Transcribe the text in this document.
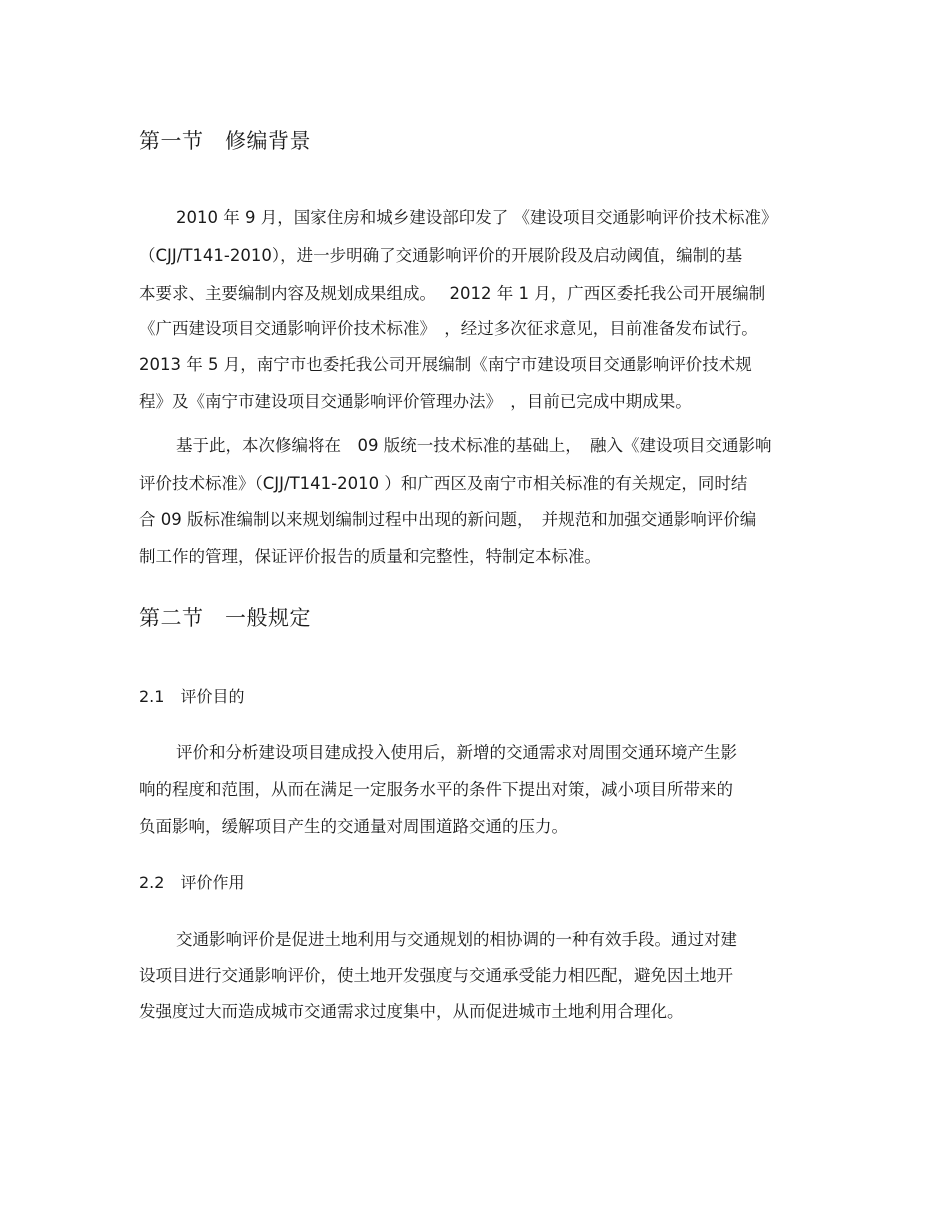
第一节　修编背景
2010 年 9 月，国家住房和城乡建设部印发了 《建设项目交通影响评价技术标准》
（CJJ/T141-2010），进一步明确了交通影响评价的开展阶段及启动阈值，编制的基
本要求、主要编制内容及规划成果组成。　 2012 年 1 月，广西区委托我公司开展编制
《广西建设项目交通影响评价技术标准》　，经过多次征求意见，目前准备发布试行。
2013 年 5 月，南宁市也委托我公司开展编制《南宁市建设项目交通影响评价技术规
程》及《南宁市建设项目交通影响评价管理办法》　，目前已完成中期成果。
基于此，本次修编将在　09 版统一技术标准的基础上，　融入《建设项目交通影响
评价技术标准》（CJJ/T141-2010 ）和广西区及南宁市相关标准的有关规定，同时结
合 09 版标准编制以来规划编制过程中出现的新问题，　并规范和加强交通影响评价编
制工作的管理，保证评价报告的质量和完整性，特制定本标准。
第二节　一般规定
2.1　评价目的
评价和分析建设项目建成投入使用后，新增的交通需求对周围交通环境产生影
响的程度和范围，从而在满足一定服务水平的条件下提出对策，减小项目所带来的
负面影响，缓解项目产生的交通量对周围道路交通的压力。
2.2　评价作用
交通影响评价是促进土地利用与交通规划的相协调的一种有效手段。通过对建
设项目进行交通影响评价，使土地开发强度与交通承受能力相匹配，避免因土地开
发强度过大而造成城市交通需求过度集中，从而促进城市土地利用合理化。
